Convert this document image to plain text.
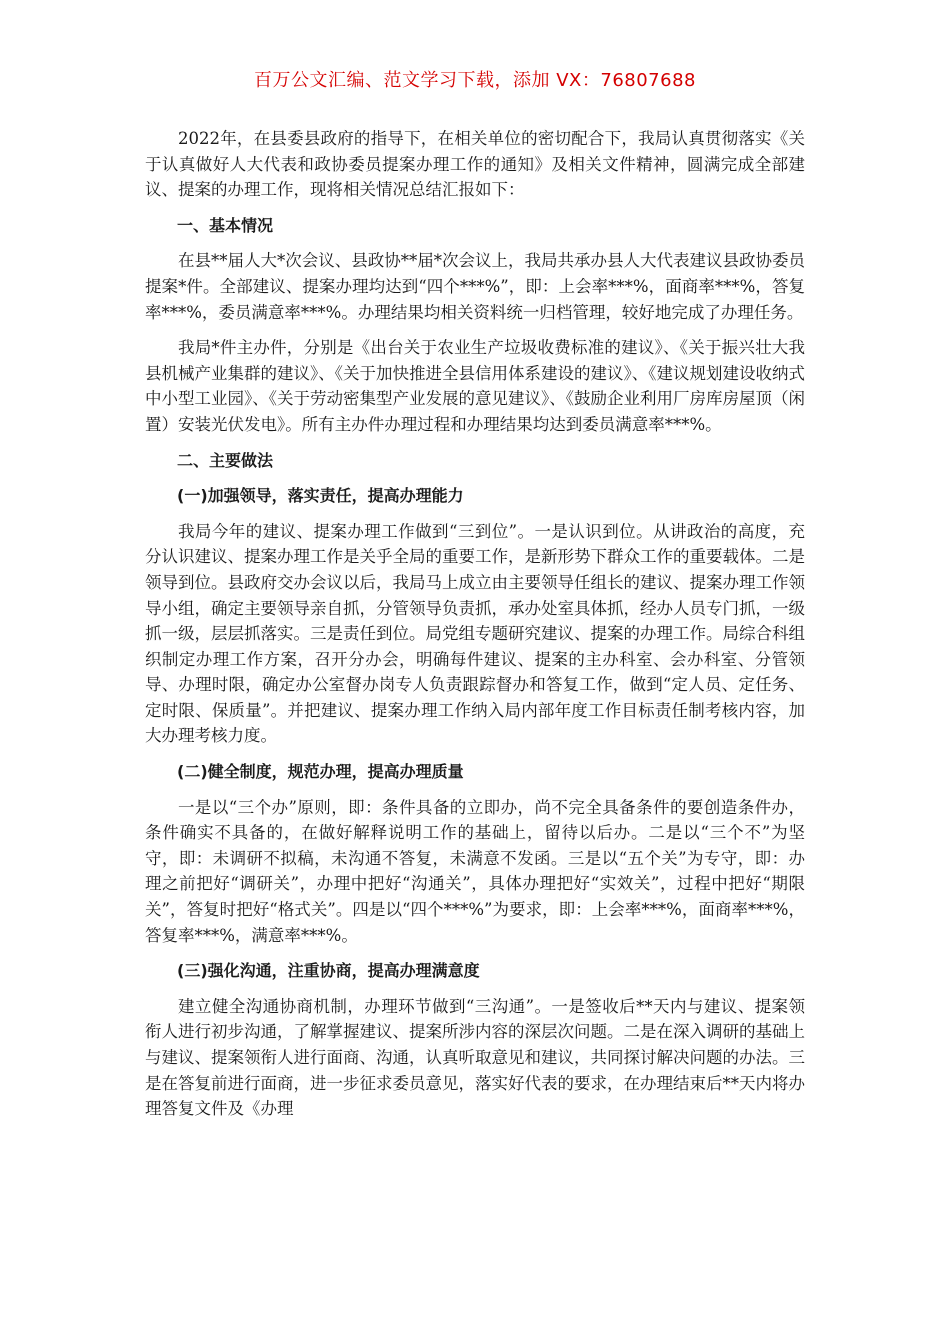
百万公文汇编、范文学习下载，添加 VX：76807688

2022年，在县委县政府的指导下，在相关单位的密切配合下，我局认真贯彻落实《关于认真做好人大代表和政协委员提案办理工作的通知》及相关文件精神，圆满完成全部建议、提案的办理工作，现将相关情况总结汇报如下：

一、基本情况

在县**届人大*次会议、县政协**届*次会议上，我局共承办县人大代表建议县政协委员提案*件。全部建议、提案办理均达到“四个***%”，即：上会率***%，面商率***%，答复率***%，委员满意率***%。办理结果均相关资料统一归档管理，较好地完成了办理任务。

我局*件主办件，分别是《出台关于农业生产垃圾收费标准的建议》、《关于振兴壮大我县机械产业集群的建议》、《关于加快推进全县信用体系建设的建议》、《建议规划建设收纳式中小型工业园》、《关于劳动密集型产业发展的意见建议》、《鼓励企业利用厂房库房屋顶（闲置）安装光伏发电》。所有主办件办理过程和办理结果均达到委员满意率***%。

二、主要做法

(一)加强领导，落实责任，提高办理能力

我局今年的建议、提案办理工作做到“三到位”。一是认识到位。从讲政治的高度，充分认识建议、提案办理工作是关乎全局的重要工作，是新形势下群众工作的重要载体。二是领导到位。县政府交办会议以后，我局马上成立由主要领导任组长的建议、提案办理工作领导小组，确定主要领导亲自抓，分管领导负责抓，承办处室具体抓，经办人员专门抓，一级抓一级，层层抓落实。三是责任到位。局党组专题研究建议、提案的办理工作。局综合科组织制定办理工作方案，召开分办会，明确每件建议、提案的主办科室、会办科室、分管领导、办理时限，确定办公室督办岗专人负责跟踪督办和答复工作，做到“定人员、定任务、定时限、保质量”。并把建议、提案办理工作纳入局内部年度工作目标责任制考核内容，加大办理考核力度。

(二)健全制度，规范办理，提高办理质量

一是以“三个办”原则，即：条件具备的立即办，尚不完全具备条件的要创造条件办，条件确实不具备的，在做好解释说明工作的基础上，留待以后办。二是以“三个不”为坚守，即：未调研不拟稿，未沟通不答复，未满意不发函。三是以“五个关”为专守，即：办理之前把好“调研关”，办理中把好“沟通关”，具体办理把好“实效关”，过程中把好“期限关”，答复时把好“格式关”。四是以“四个***%”为要求，即：上会率***%，面商率***%，答复率***%，满意率***%。

(三)强化沟通，注重协商，提高办理满意度

建立健全沟通协商机制，办理环节做到“三沟通”。一是签收后**天内与建议、提案领衔人进行初步沟通，了解掌握建议、提案所涉内容的深层次问题。二是在深入调研的基础上与建议、提案领衔人进行面商、沟通，认真听取意见和建议，共同探讨解决问题的办法。三是在答复前进行面商，进一步征求委员意见，落实好代表的要求，在办理结束后**天内将办理答复文件及《办理
